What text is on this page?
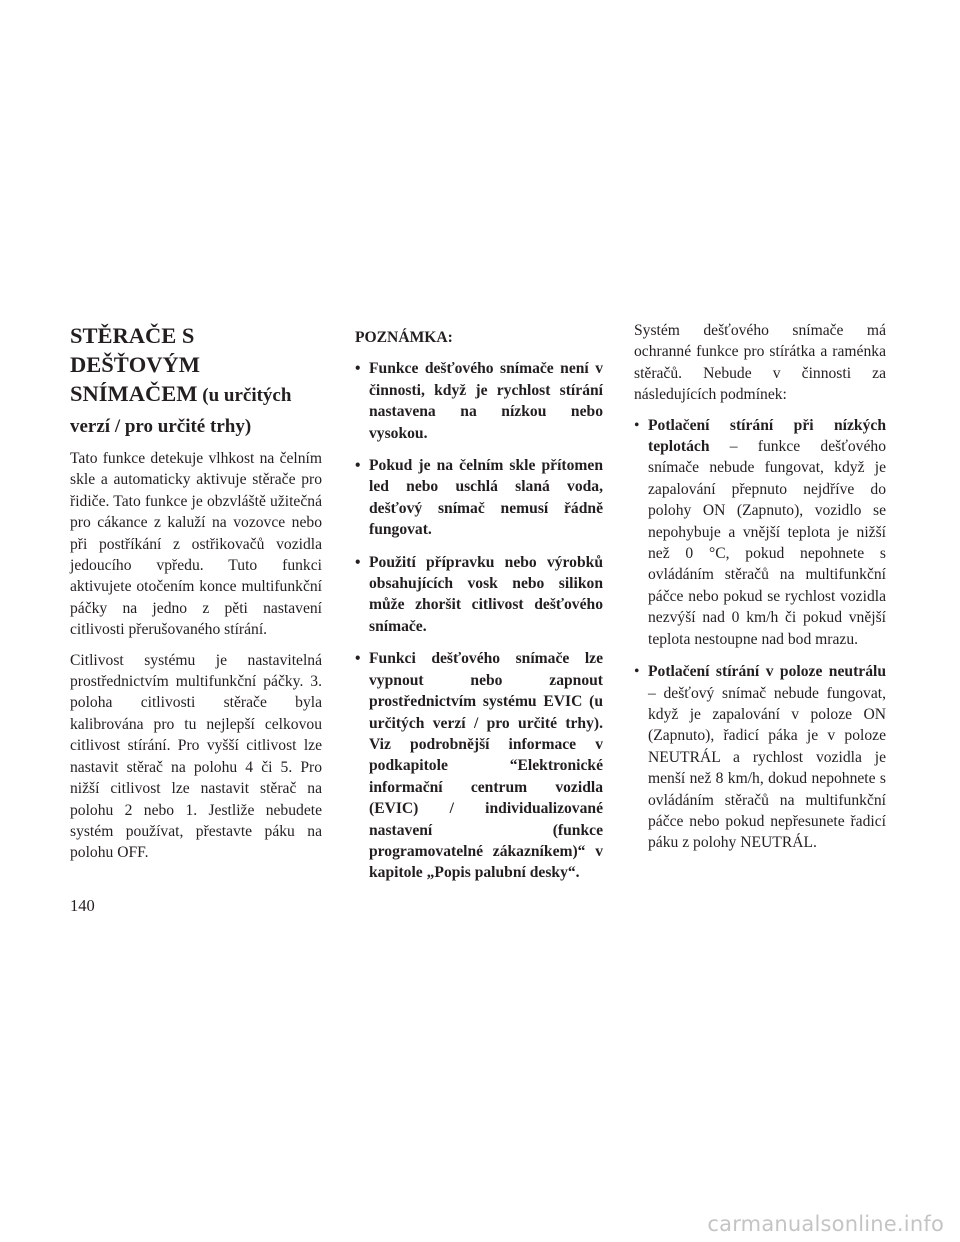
STĚRAČE S DEŠŤOVÝM
SNÍMAČEM (u určitých
verzí / pro určité trhy)

Tato funkce detekuje vlhkost na čelním skle a automaticky aktivuje stěrače pro řidiče. Tato funkce je obzvláště užitečná pro cákance z kaluží na vozovce nebo při postříkání z ostřikovačů vozidla jedoucího vpředu. Tuto funkci aktivujete otočením konce multifunkční páčky na jedno z pěti nastavení citlivosti přerušovaného stírání.

Citlivost systému je nastavitelná prostřednictvím multifunkční páčky. 3. poloha citlivosti stěrače byla kalibrována pro tu nejlepší celkovou citlivost stírání. Pro vyšší citlivost lze nastavit stěrač na polohu 4 či 5. Pro nižší citlivost lze nastavit stěrač na polohu 2 nebo 1. Jestliže nebudete systém používat, přestavte páku na polohu OFF.

POZNÁMKA:
• Funkce dešťového snímače není v činnosti, když je rychlost stírání nastavena na nízkou nebo vysokou.
• Pokud je na čelním skle přítomen led nebo uschlá slaná voda, dešťový snímač nemusí řádně fungovat.
• Použití přípravku nebo výrobků obsahujících vosk nebo silikon může zhoršit citlivost dešťového snímače.
• Funkci dešťového snímače lze vypnout nebo zapnout prostřednictvím systému EVIC (u určitých verzí / pro určité trhy). Viz podrobnější informace v podkapitole “Elektronické informační centrum vozidla (EVIC) / individualizované nastavení (funkce programovatelné zákazníkem)“ v kapitole „Popis palubní desky“.

Systém dešťového snímače má ochranné funkce pro stírátka a raménka stěračů. Nebude v činnosti za následujících podmínek:

• Potlačení stírání při nízkých teplotách – funkce dešťového snímače nebude fungovat, když je zapalování přepnuto nejdříve do polohy ON (Zapnuto), vozidlo se nepohybuje a vnější teplota je nižší než 0 °C, pokud nepohnete s ovládáním stěračů na multifunkční páčce nebo pokud se rychlost vozidla nezvýší nad 0 km/h či pokud vnější teplota nestoupne nad bod mrazu.
• Potlačení stírání v poloze neutrálu – dešťový snímač nebude fungovat, když je zapalování v poloze ON (Zapnuto), řadicí páka je v poloze NEUTRÁL a rychlost vozidla je menší než 8 km/h, dokud nepohnete s ovládáním stěračů na multifunkční páčce nebo pokud nepřesunete řadicí páku z polohy NEUTRÁL.
140
carmanualsonline.info
